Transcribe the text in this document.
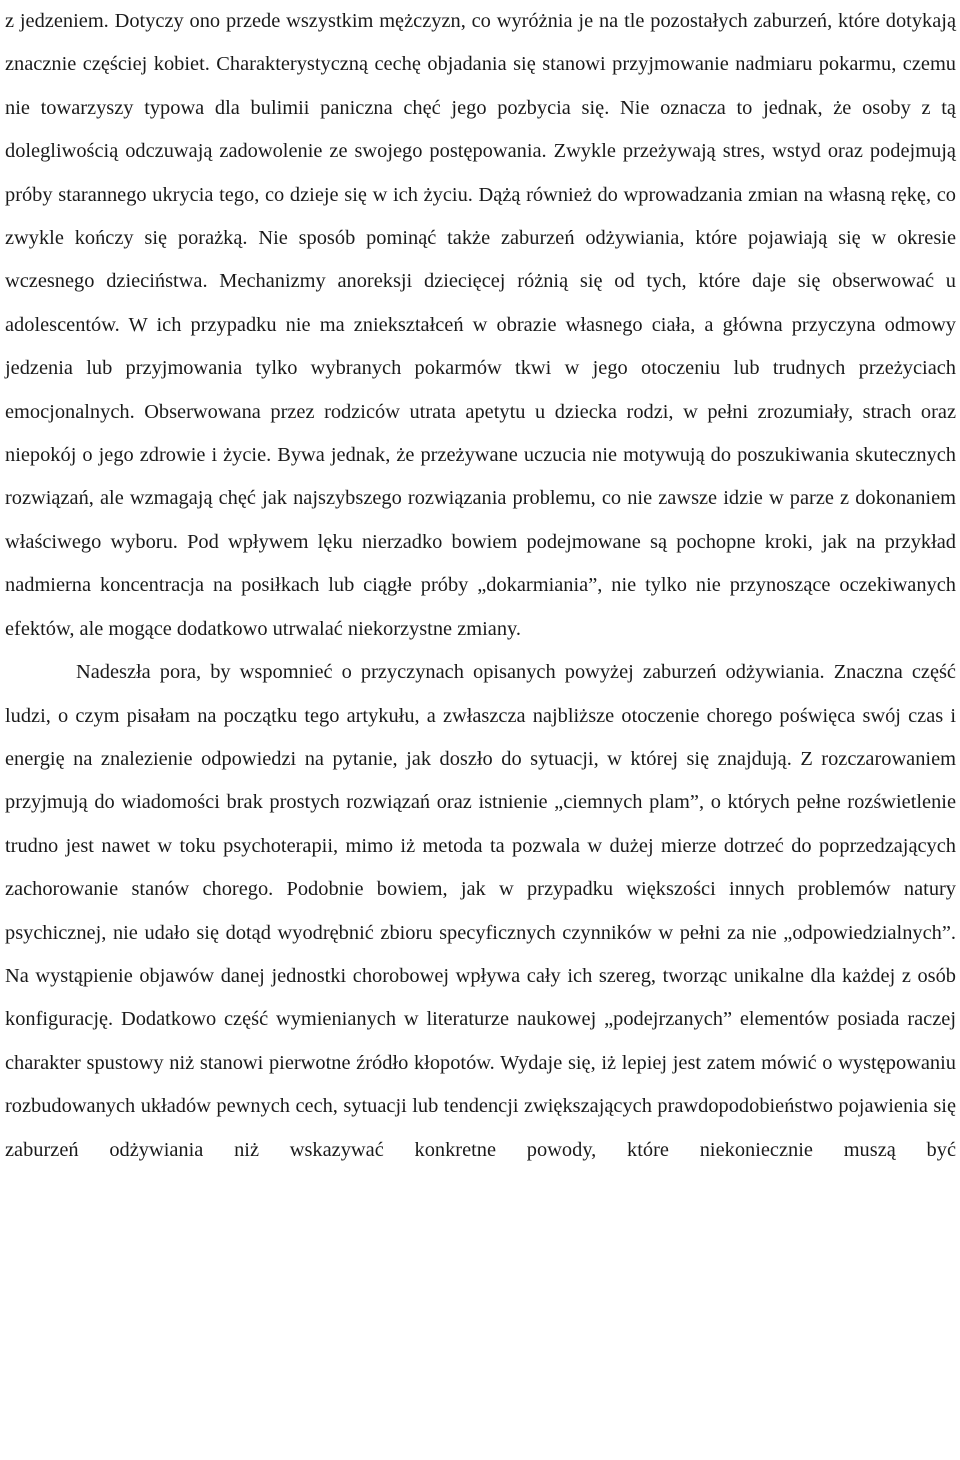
z jedzeniem. Dotyczy ono przede wszystkim mężczyzn, co wyróżnia je na tle pozostałych zaburzeń, które dotykają znacznie częściej kobiet. Charakterystyczną cechę objadania się stanowi przyjmowanie nadmiaru pokarmu, czemu nie towarzyszy typowa dla bulimii paniczna chęć jego pozbycia się. Nie oznacza to jednak, że osoby z tą dolegliwością odczuwają zadowolenie ze swojego postępowania. Zwykle przeżywają stres, wstyd oraz podejmują próby starannego ukrycia tego, co dzieje się w ich życiu. Dążą również do wprowadzania zmian na własną rękę, co zwykle kończy się porażką. Nie sposób pominąć także zaburzeń odżywiania, które pojawiają się w okresie wczesnego dzieciństwa. Mechanizmy anoreksji dziecięcej różnią się od tych, które daje się obserwować u adolescentów. W ich przypadku nie ma zniekształceń w obrazie własnego ciała, a główna przyczyna odmowy jedzenia lub przyjmowania tylko wybranych pokarmów tkwi w jego otoczeniu lub trudnych przeżyciach emocjonalnych. Obserwowana przez rodziców utrata apetytu u dziecka rodzi, w pełni zrozumiały, strach oraz niepokój o jego zdrowie i życie. Bywa jednak, że przeżywane uczucia nie motywują do poszukiwania skutecznych rozwiązań, ale wzmagają chęć jak najszybszego rozwiązania problemu, co nie zawsze idzie w parze z dokonaniem właściwego wyboru. Pod wpływem lęku nierzadko bowiem podejmowane są pochopne kroki, jak na przykład nadmierna koncentracja na posiłkach lub ciągłe próby „dokarmiania”, nie tylko nie przynoszące oczekiwanych efektów, ale mogące dodatkowo utrwalać niekorzystne zmiany.

Nadeszła pora, by wspomnieć o przyczynach opisanych powyżej zaburzeń odżywiania. Znaczna część ludzi, o czym pisałam na początku tego artykułu, a zwłaszcza najbliższe otoczenie chorego poświęca swój czas i energię na znalezienie odpowiedzi na pytanie, jak doszło do sytuacji, w której się znajdują. Z rozczarowaniem przyjmują do wiadomości brak prostych rozwiązań oraz istnienie „ciemnych plam”, o których pełne rozświetlenie trudno jest nawet w toku psychoterapii, mimo iż metoda ta pozwala w dużej mierze dotrzeć do poprzedzających zachorowanie stanów chorego. Podobnie bowiem, jak w przypadku większości innych problemów natury psychicznej, nie udało się dotąd wyodrębnić zbioru specyficznych czynników w pełni za nie „odpowiedzialnych”. Na wystąpienie objawów danej jednostki chorobowej wpływa cały ich szereg, tworząc unikalne dla każdej z osób konfigurację. Dodatkowo część wymienianych w literaturze naukowej „podejrzanych” elementów posiada raczej charakter spustowy niż stanowi pierwotne źródło kłopotów. Wydaje się, iż lepiej jest zatem mówić o występowaniu rozbudowanych układów pewnych cech, sytuacji lub tendencji zwiększających prawdopodobieństwo pojawienia się zaburzeń odżywiania niż wskazywać konkretne powody, które niekoniecznie muszą być
